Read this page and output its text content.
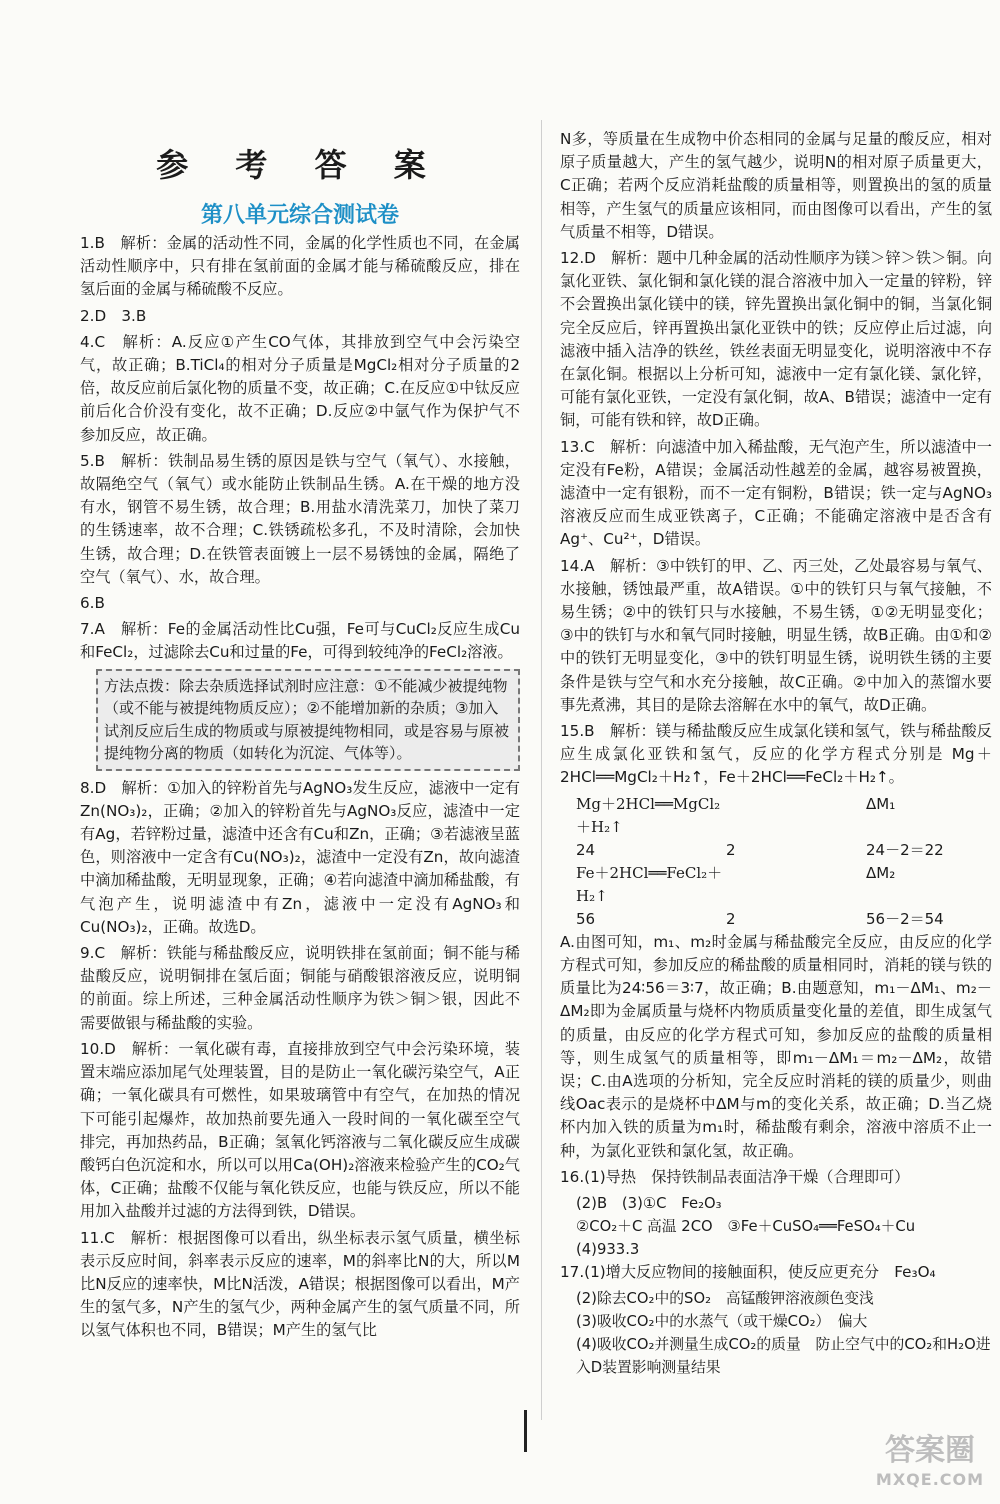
参 考 答 案
第八单元综合测试卷
1.B　解析：金属的活动性不同，金属的化学性质也不同，在金属活动性顺序中，只有排在氢前面的金属才能与稀硫酸反应，排在氢后面的金属与稀硫酸不反应。
2.D　3.B
4.C　解析：A.反应①产生CO气体，其排放到空气中会污染空气，故正确；B.TiCl₄的相对分子质量是MgCl₂相对分子质量的2倍，故反应前后氯化物的质量不变，故正确；C.在反应①中钛反应前后化合价没有变化，故不正确；D.反应②中氩气作为保护气不参加反应，故正确。
5.B　解析：铁制品易生锈的原因是铁与空气（氧气）、水接触，故隔绝空气（氧气）或水能防止铁制品生锈。A.在干燥的地方没有水，钢管不易生锈，故合理；B.用盐水清洗菜刀，加快了菜刀的生锈速率，故不合理；C.铁锈疏松多孔，不及时清除，会加快生锈，故合理；D.在铁管表面镀上一层不易锈蚀的金属，隔绝了空气（氧气）、水，故合理。
6.B
7.A　解析：Fe的金属活动性比Cu强，Fe可与CuCl₂反应生成Cu和FeCl₂，过滤除去Cu和过量的Fe，可得到较纯净的FeCl₂溶液。
方法点拨：除去杂质选择试剂时应注意：①不能减少被提纯物（或不能与被提纯物质反应）；②不能增加新的杂质；③加入试剂反应后生成的物质或与原被提纯物相同，或是容易与原被提纯物分离的物质（如转化为沉淀、气体等）。
8.D　解析：①加入的锌粉首先与AgNO₃发生反应，滤液中一定有Zn(NO₃)₂，正确；②加入的锌粉首先与AgNO₃反应，滤渣中一定有Ag，若锌粉过量，滤渣中还含有Cu和Zn，正确；③若滤液呈蓝色，则溶液中一定含有Cu(NO₃)₂，滤渣中一定没有Zn，故向滤渣中滴加稀盐酸，无明显现象，正确；④若向滤渣中滴加稀盐酸，有气泡产生，说明滤渣中有Zn，滤液中一定没有AgNO₃和Cu(NO₃)₂，正确。故选D。
9.C　解析：铁能与稀盐酸反应，说明铁排在氢前面；铜不能与稀盐酸反应，说明铜排在氢后面；铜能与硝酸银溶液反应，说明铜的前面。综上所述，三种金属活动性顺序为铁＞铜＞银，因此不需要做银与稀盐酸的实验。
10.D　解析：一氧化碳有毒，直接排放到空气中会污染环境，装置末端应添加尾气处理装置，目的是防止一氧化碳污染空气，A正确；一氧化碳具有可燃性，如果玻璃管中有空气，在加热的情况下可能引起爆炸，故加热前要先通入一段时间的一氧化碳至空气排完，再加热药品，B正确；氢氧化钙溶液与二氧化碳反应生成碳酸钙白色沉淀和水，所以可以用Ca(OH)₂溶液来检验产生的CO₂气体，C正确；盐酸不仅能与氧化铁反应，也能与铁反应，所以不能用加入盐酸并过滤的方法得到铁，D错误。
11.C　解析：根据图像可以看出，纵坐标表示氢气质量，横坐标表示反应时间，斜率表示反应的速率，M的斜率比N的大，所以M比N反应的速率快，M比N活泼，A错误；根据图像可以看出，M产生的氢气多，N产生的氢气少，两种金属产生的氢气质量不同，所以氢气体积也不同，B错误；M产生的氢气比
N多，等质量在生成物中价态相同的金属与足量的酸反应，相对原子质量越大，产生的氢气越少，说明N的相对原子质量更大，C正确；若两个反应消耗盐酸的质量相等，则置换出的氢的质量相等，产生氢气的质量应该相同，而由图像可以看出，产生的氢气质量不相等，D错误。
12.D　解析：题中几种金属的活动性顺序为镁＞锌＞铁＞铜。向氯化亚铁、氯化铜和氯化镁的混合溶液中加入一定量的锌粉，锌不会置换出氯化镁中的镁，锌先置换出氯化铜中的铜，当氯化铜完全反应后，锌再置换出氯化亚铁中的铁；反应停止后过滤，向滤液中插入洁净的铁丝，铁丝表面无明显变化，说明溶液中不存在氯化铜。根据以上分析可知，滤液中一定有氯化镁、氯化锌，可能有氯化亚铁，一定没有氯化铜，故A、B错误；滤渣中一定有铜，可能有铁和锌，故D正确。
13.C　解析：向滤渣中加入稀盐酸，无气泡产生，所以滤渣中一定没有Fe粉，A错误；金属活动性越差的金属，越容易被置换，滤渣中一定有银粉，而不一定有铜粉，B错误；铁一定与AgNO₃溶液反应而生成亚铁离子，C正确；不能确定溶液中是否含有Ag⁺、Cu²⁺，D错误。
14.A　解析：③中铁钉的甲、乙、丙三处，乙处最容易与氧气、水接触，锈蚀最严重，故A错误。①中的铁钉只与氧气接触，不易生锈；②中的铁钉只与水接触，不易生锈，①②无明显变化；③中的铁钉与水和氧气同时接触，明显生锈，故B正确。由①和②中的铁钉无明显变化，③中的铁钉明显生锈，说明铁生锈的主要条件是铁与空气和水充分接触，故C正确。②中加入的蒸馏水要事先煮沸，其目的是除去溶解在水中的氧气，故D正确。
15.B　解析：镁与稀盐酸反应生成氯化镁和氢气，铁与稀盐酸反应生成氯化亚铁和氢气，反应的化学方程式分别是 Mg＋2HCl══MgCl₂＋H₂↑，Fe＋2HCl══FeCl₂＋H₂↑。
Mg＋2HCl══MgCl₂＋H₂↑
ΔM₁
24	2	24－2＝22
Fe＋2HCl══FeCl₂＋H₂↑
ΔM₂
56	2	56－2＝54
A.由图可知，m₁、m₂时金属与稀盐酸完全反应，由反应的化学方程式可知，参加反应的稀盐酸的质量相同时，消耗的镁与铁的质量比为24∶56＝3∶7，故正确；B.由题意知，m₁－ΔM₁、m₂－ΔM₂即为金属质量与烧杯内物质质量变化量的差值，即生成氢气的质量，由反应的化学方程式可知，参加反应的盐酸的质量相等，则生成氢气的质量相等，即m₁－ΔM₁＝m₂－ΔM₂，故错误；C.由A选项的分析知，完全反应时消耗的镁的质量少，则曲线Oac表示的是烧杯中ΔM与m的变化关系，故正确；D.当乙烧杯内加入铁的质量为m₁时，稀盐酸有剩余，溶液中溶质不止一种，为氯化亚铁和氯化氢，故正确。
16.(1)导热　保持铁制品表面洁净干燥（合理即可）
(2)B　(3)①C　Fe₂O₃
②CO₂＋C 高温 2CO　③Fe＋CuSO₄══FeSO₄＋Cu
(4)933.3
17.(1)增大反应物间的接触面积，使反应更充分　Fe₃O₄
(2)除去CO₂中的SO₂　高锰酸钾溶液颜色变浅
(3)吸收CO₂中的水蒸气（或干燥CO₂）　偏大
(4)吸收CO₂并测量生成CO₂的质量　防止空气中的CO₂和H₂O进入D装置影响测量结果
答案圈
MXQE.COM
